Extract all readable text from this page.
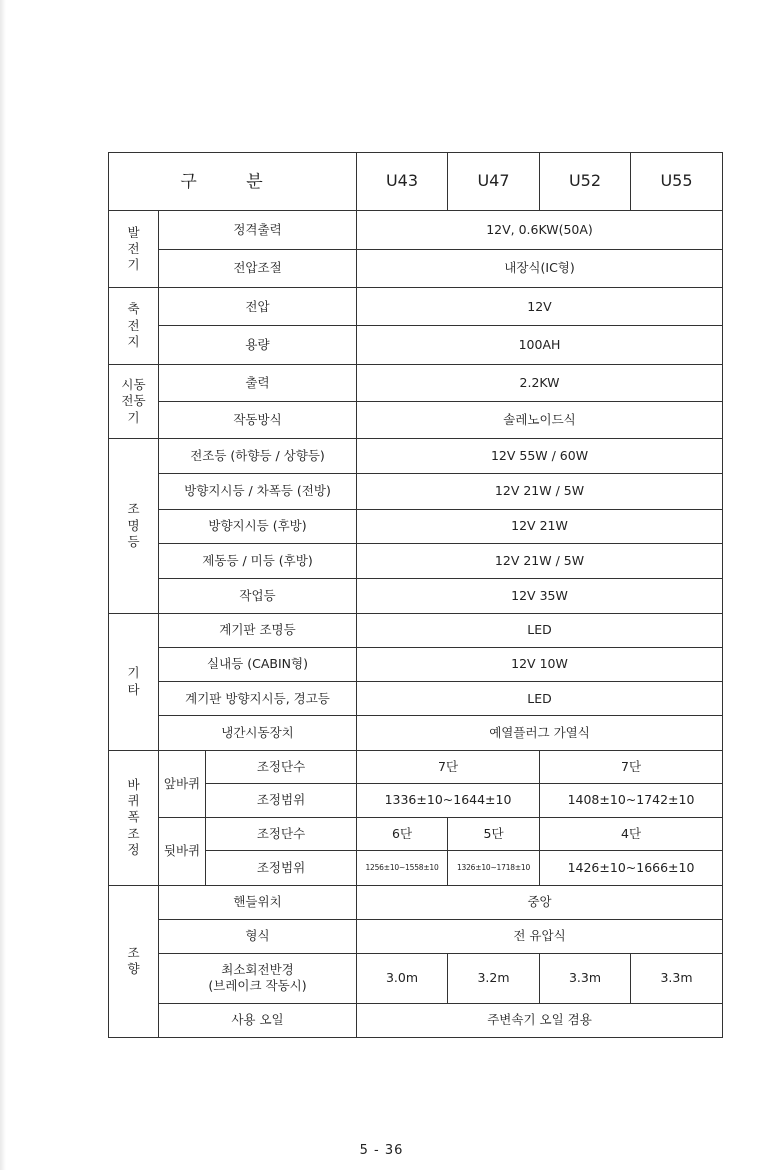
구 분			U43	U47	U52	U55

발
전
기	정격출력		12V, 0.6KW(50A)			
	전압조절		내장식(IC형)			

축
전
지	전압		12V			
	용량		100AH			

시동
전동
기	출력		2.2KW			
	작동방식		솔레노이드식			

조
명
등	전조등 (하향등 / 상향등)		12V 55W / 60W			
	방향지시등 / 차폭등 (전방)		12V 21W / 5W			
	방향지시등 (후방)		12V 21W			
	제동등 / 미등 (후방)		12V 21W / 5W			
	작업등		12V 35W			

기
타	계기판 조명등		LED			
	실내등 (CABIN형)		12V 10W			
	계기판 방향지시등, 경고등		LED			
	냉간시동장치		예열플러그 가열식			

바
퀴
폭
조
정	앞바퀴	조정단수	7단		7단	
		조정범위	1336±10~1644±10		1408±10~1742±10	
	뒷바퀴	조정단수	6단	5단	4단	
		조정범위	1256±10~1558±10	1326±10~1718±10	1426±10~1666±10	

조
향	핸들위치		중앙			
	형식		전 유압식			

	최소회전반경
(브레이크 작동시)		3.0m	3.2m	3.3m	3.3m
	사용 오일		주변속기 오일 겸용			
5 - 36
